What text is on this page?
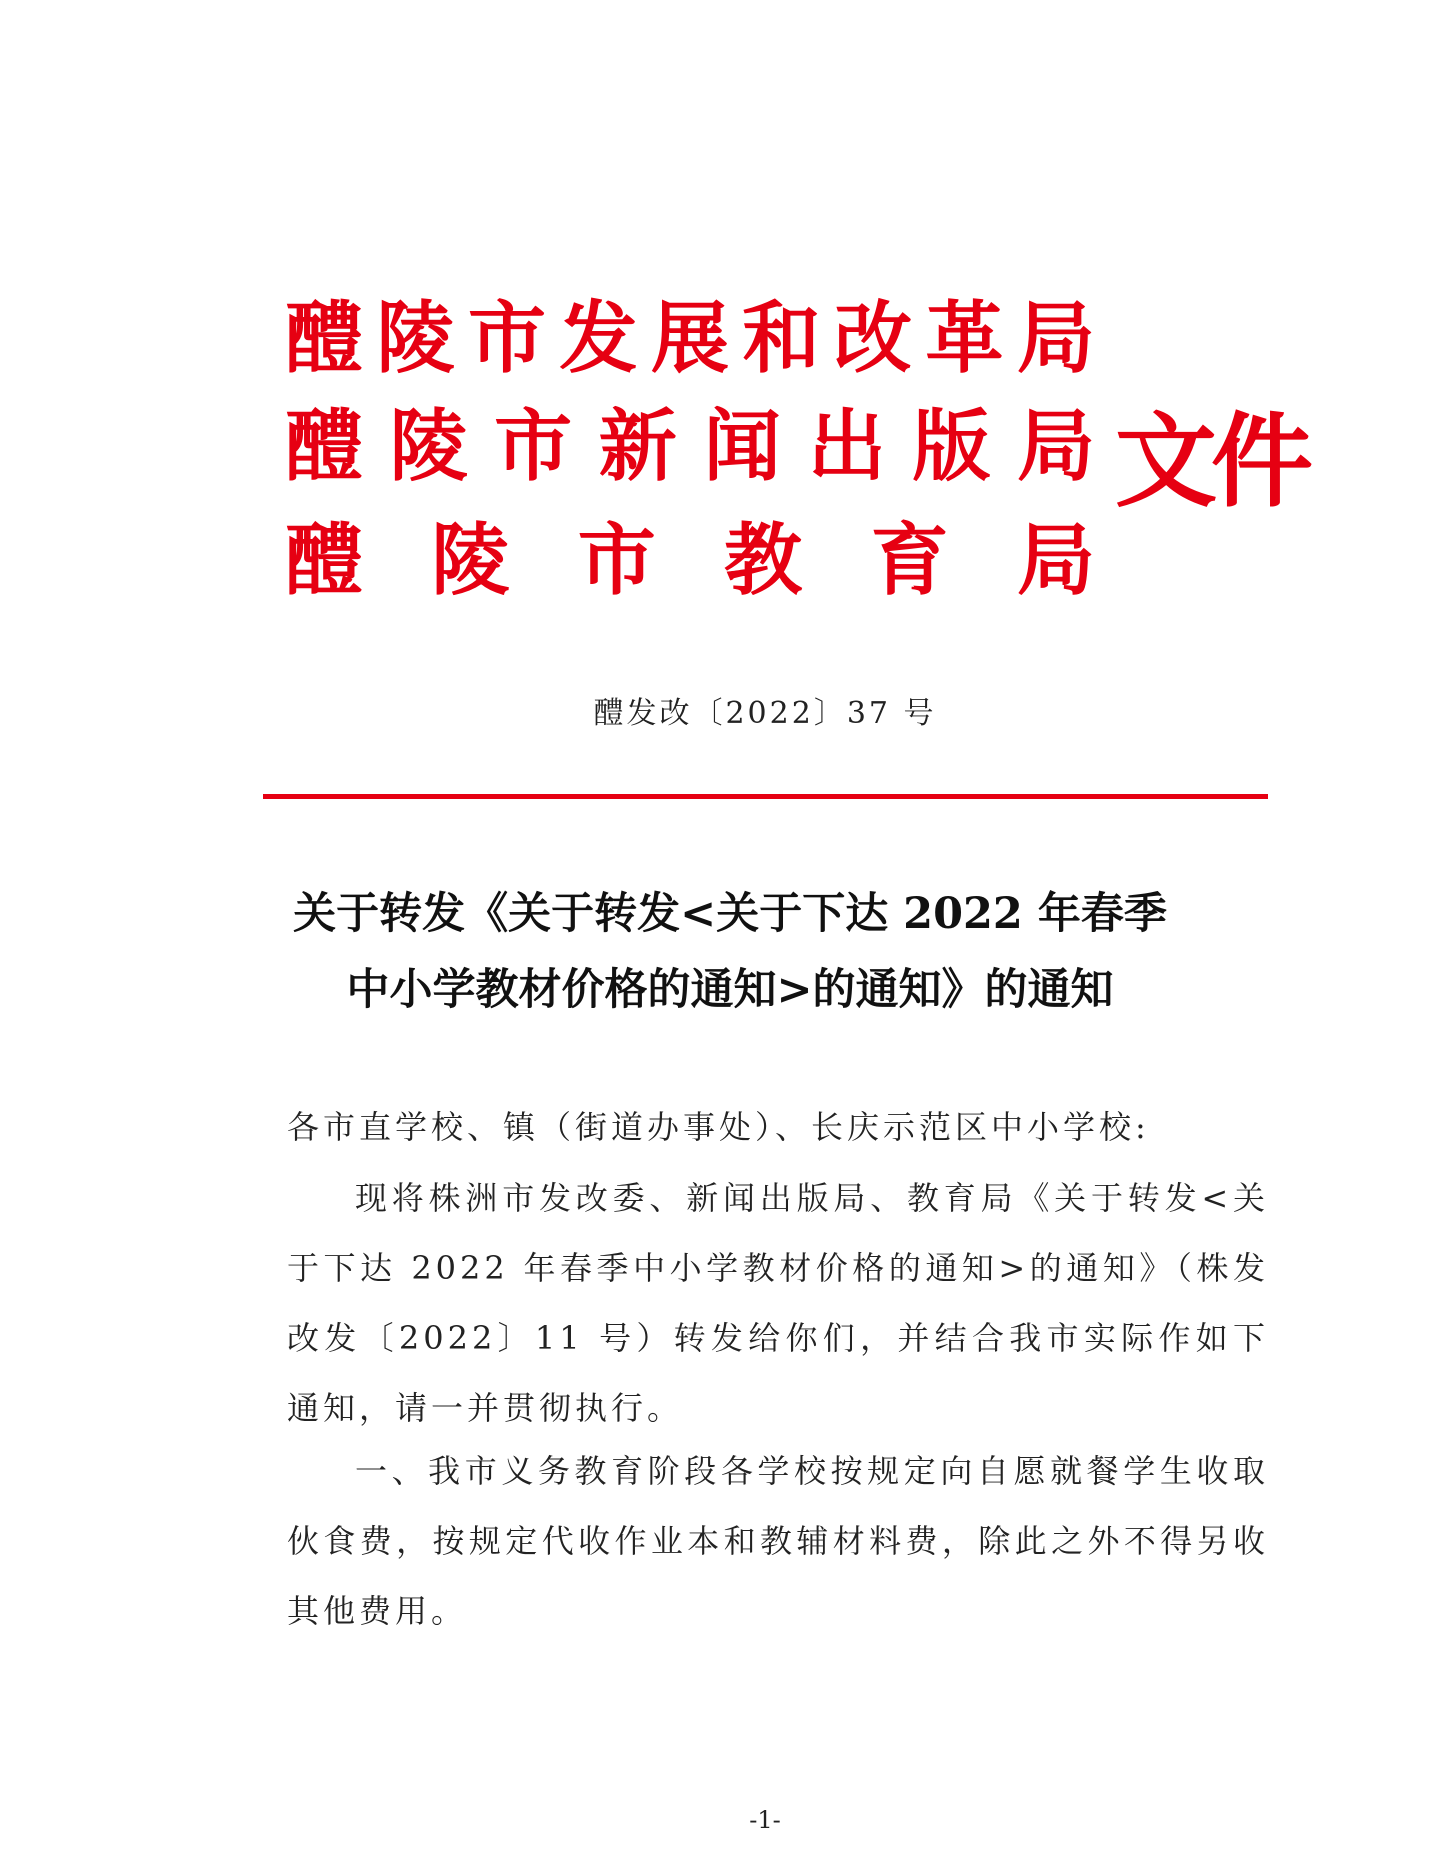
醴 陵 市 发 展 和 改 革 局
醴 陵 市 新 闻 出 版 局
醴 陵 市 教 育 局
文件
醴发改〔2022〕37 号
关于转发《关于转发<关于下达 2022 年春季
中小学教材价格的通知>的通知》的通知

各市直学校、镇（街道办事处）、长庆示范区中小学校:

现将株洲市发改委、新闻出版局、教育局《关于转发<关于下达 2022 年春季中小学教材价格的通知>的通知》（株发改发〔2022〕11 号）转发给你们，并结合我市实际作如下通知，请一并贯彻执行。

一、我市义务教育阶段各学校按规定向自愿就餐学生收取伙食费，按规定代收作业本和教辅材料费，除此之外不得另收其他费用。

-1-
